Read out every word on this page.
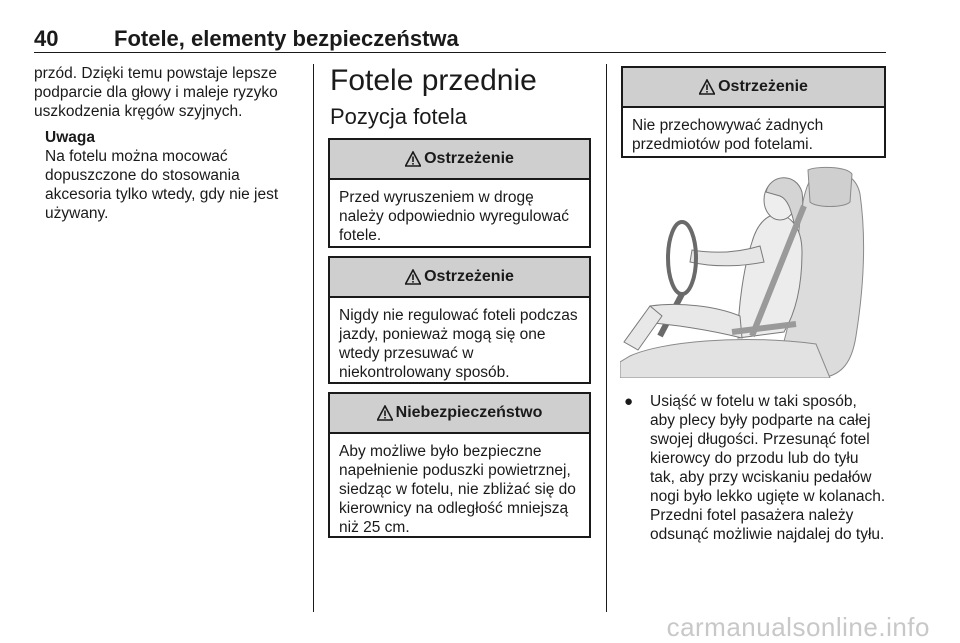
40	Fotele, elementy bezpieczeństwa

przód. Dzięki temu powstaje lepsze podparcie dla głowy i maleje ryzyko uszkodzenia kręgów szyjnych.

Uwaga
Na fotelu można mocować dopuszczone do stosowania akcesoria tylko wtedy, gdy nie jest używany.

Fotele przednie
Pozycja fotela
Ostrzeżenie
Przed wyruszeniem w drogę należy odpowiednio wyregulować fotele.
Ostrzeżenie
Nigdy nie regulować foteli podczas jazdy, ponieważ mogą się one wtedy przesuwać w niekontrolowany sposób.
Niebezpieczeństwo
Aby możliwe było bezpieczne napełnienie poduszki powietrznej, siedząc w fotelu, nie zbliżać się do kierownicy na odległość mniejszą niż 25 cm.
Ostrzeżenie
Nie przechowywać żadnych przedmiotów pod fotelami.
● Usiąść w fotelu w taki sposób, aby plecy były podparte na całej swojej długości. Przesunąć fotel kierowcy do przodu lub do tyłu tak, aby przy wciskaniu pedałów nogi było lekko ugięte w kolanach. Przedni fotel pasażera należy odsunąć możliwie najdalej do tyłu.
carmanualsonline.info
